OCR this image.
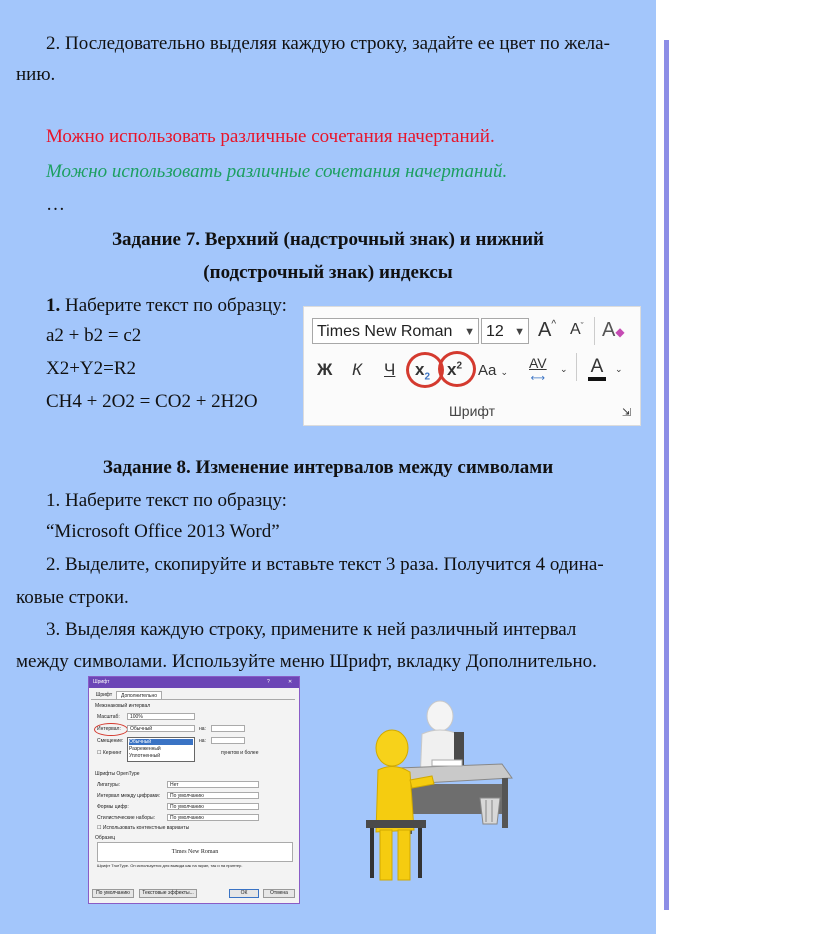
2. Последовательно выделяя каждую строку, задайте ее цвет по жела-
нию.
Можно использовать различные сочетания начертаний.
Можно использовать различные сочетания начертаний.
…
Задание 7. Верхний (надстрочный знак) и нижний
(подстрочный знак) индексы
1. Наберите текст по образцу:
a2 + b2 = c2
X2+Y2=R2
CH4 + 2O2 = CO2 + 2H2O
Задание 8. Изменение интервалов между символами
1. Наберите текст по образцу:
“Microsoft Office 2013 Word”
2. Выделите, скопируйте и вставьте текст 3 раза. Получится 4 одина-
ковые строки.
3. Выделяя каждую строку, примените к ней различный интервал
между символами. Используйте меню Шрифт, вкладку Дополнительно.
Times New Roman ▼ 12 ▼ A^ $A^ˇ$ A◆
Ж К Ч $x_2$ $x^2$ Aa ⌄
AV
⟷
⌄ A ⌄
Шрифт	⇲
Шрифт	?	✕
Шрифт	Дополнительно
Межзнаковый интервал
Масштаб: 100%
Интервал: Обычный	на:
Смещение:	на:
☐ Кернинг	пунктов и более
Обычный
Разреженный
Уплотненный
Шрифты OpenType
Лигатуры:	Нет
Интервал между цифрами: По умолчанию
Формы цифр:	По умолчанию
Стилистические наборы:	По умолчанию
☐ Использовать контекстные варианты
Образец
Times New Roman
Шрифт TrueType. Он используется для вывода как на экран, так и на принтер.
По умолчанию	Текстовые эффекты...	ОК	Отмена
